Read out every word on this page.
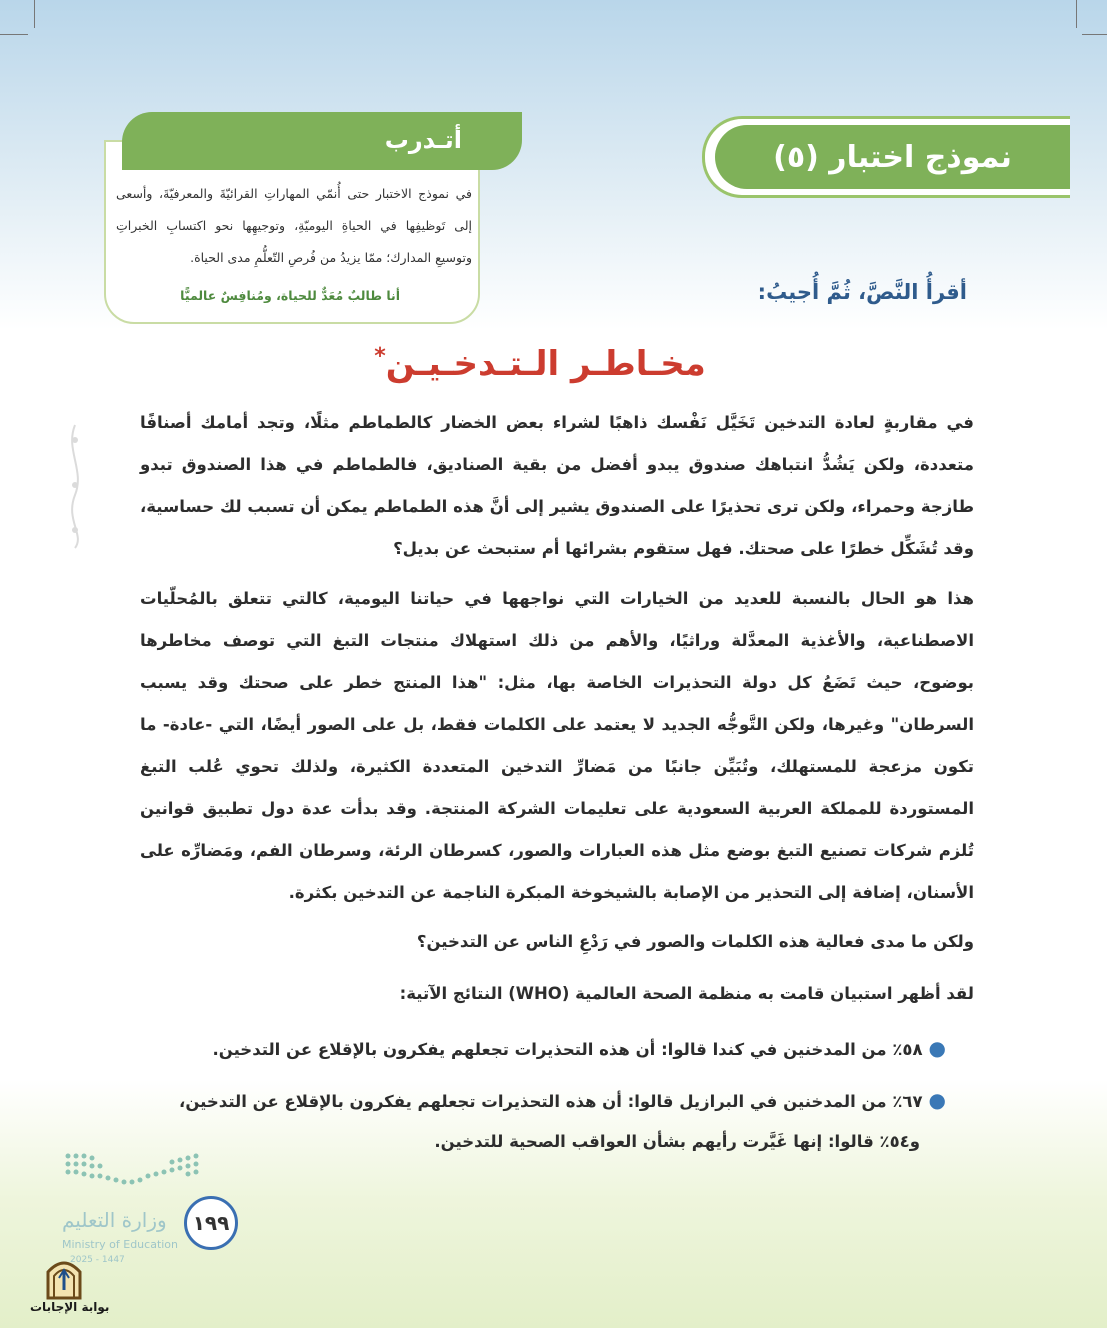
نموذج اختبار (٥)
أتـدرب
في نموذج الاختبار حتى أُنمّي المهاراتِ القرائيّةَ والمعرفيّةَ، وأسعى إلى تَوظيفِها في الحياةِ اليوميّةِ، وتوجيهِها نحو اكتسابِ الخبراتِ وتوسيعِ المدارك؛ ممّا يزيدُ من فُرصِ التّعلُّمِ مدى الحياة.
أنا طالبٌ مُعَدٌّ للحياة، ومُنافِسٌ عالميًّا	أقرأُ النَّصَّ، ثُمَّ أُجيبُ:
مخـاطـر الـتـدخـيـن*
في مقاربةٍ لعادة التدخين تَخَيَّل نَفْسك ذاهبًا لشراء بعض الخضار كالطماطم مثلًا، وتجد أمامك أصنافًا متعددة، ولكن يَشُدُّ انتباهك صندوق يبدو أفضل من بقية الصناديق، فالطماطم في هذا الصندوق تبدو طازجة وحمراء، ولكن ترى تحذيرًا على الصندوق يشير إلى أنَّ هذه الطماطم يمكن أن تسبب لك حساسية، وقد تُشَكِّل خطرًا على صحتك. فهل ستقوم بشرائها أم ستبحث عن بديل؟
هذا هو الحال بالنسبة للعديد من الخيارات التي نواجهها في حياتنا اليومية، كالتي تتعلق بالمُحلّيات الاصطناعية، والأغذية المعدَّلة وراثيًا، والأهم من ذلك استهلاك منتجات التبغ التي توصف مخاطرها بوضوح، حيث تَضَعُ كل دولة التحذيرات الخاصة بها، مثل: "هذا المنتج خطر على صحتك وقد يسبب السرطان" وغيرها، ولكن التَّوجُّه الجديد لا يعتمد على الكلمات فقط، بل على الصور أيضًا، التي -عادة- ما تكون مزعجة للمستهلك، وتُبَيِّن جانبًا من مَضارِّ التدخين المتعددة الكثيرة، ولذلك تحوي عُلب التبغ المستوردة للمملكة العربية السعودية على تعليمات الشركة المنتجة. وقد بدأت عدة دول تطبيق قوانين تُلزم شركات تصنيع التبغ بوضع مثل هذه العبارات والصور، كسرطان الرئة، وسرطان الفم، ومَضارِّه على الأسنان، إضافة إلى التحذير من الإصابة بالشيخوخة المبكرة الناجمة عن التدخين بكثرة.
ولكن ما مدى فعالية هذه الكلمات والصور في رَدْعِ الناس عن التدخين؟
لقد أظهر استبيان قامت به منظمة الصحة العالمية (WHO) النتائج الآتية:
●٥٨٪ من المدخنين في كندا قالوا: أن هذه التحذيرات تجعلهم يفكرون بالإقلاع عن التدخين.
●٦٧٪ من المدخنين في البرازيل قالوا: أن هذه التحذيرات تجعلهم يفكرون بالإقلاع عن التدخين،
و٥٤٪ قالوا: إنها غَيَّرت رأيهم بشأن العواقب الصحية للتدخين.
وزارة التعليم
Ministry of Education
2025 - 1447
١٩٩
بوابة الإجابات
